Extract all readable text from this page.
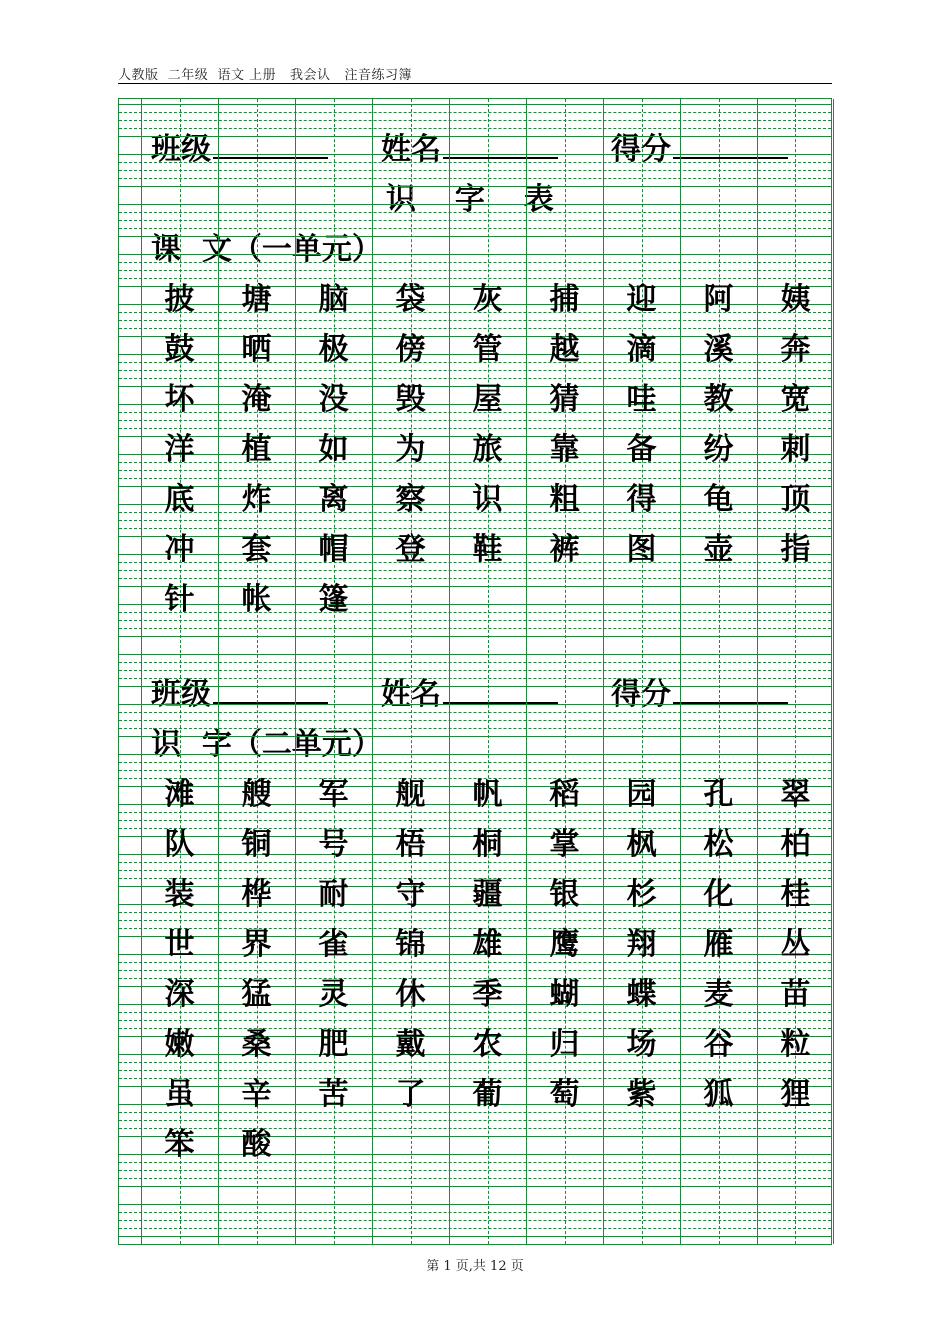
人教版  二年级  语文 上册   我会认   注音练习簿
班级	姓名	得分
识  字  表
课  文（一单元）
班级	姓名	得分
识  字（二单元）
披	塘	脑	袋	灰	捕	迎	阿	姨
鼓	晒	极	傍	管	越	滴	溪	奔
坏	淹	没	毁	屋	猜	哇	教	宽
洋	植	如	为	旅	靠	备	纷	刺
底	炸	离	察	识	粗	得	龟	顶
冲	套	帽	登	鞋	裤	图	壶	指
针	帐	篷
滩	艘	军	舰	帆	稻	园	孔	翠
队	铜	号	梧	桐	掌	枫	松	柏
装	桦	耐	守	疆	银	杉	化	桂
世	界	雀	锦	雄	鹰	翔	雁	丛
深	猛	灵	休	季	蝴	蝶	麦	苗
嫩	桑	肥	戴	农	归	场	谷	粒
虽	辛	苦	了	葡	萄	紫	狐	狸
笨	酸
第 1 页,共 12 页
